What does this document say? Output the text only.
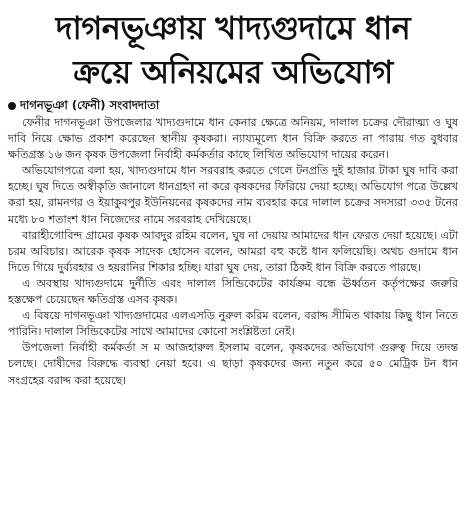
দাগনভূঞায় খাদ্যগুদামে ধান
ক্রয়ে অনিয়মের অভিযোগ
দাগনভূঞা (ফেনী) সংবাদদাতা

ফেনীর দাগনভূঞা উপজেলার খাদ্যগুদামে ধান কেনার ক্ষেত্রে অনিয়ম, দালাল চক্রের দৌরাত্ম্য ও ঘুষ দাবি নিয়ে ক্ষোভ প্রকাশ করেছেন স্থানীয় কৃষকরা। ন্যায্যমূল্যে ধান বিক্রি করতে না পারায় গত বুধবার ক্ষতিগ্রস্ত ১৬ জন কৃষক উপজেলা নির্বাহী কর্মকর্তার কাছে লিখিত অভিযোগ দায়ের করেন।

অভিযোগপত্রে বলা হয়, খাদ্যগুদামে ধান সরবরাহ করতে গেলে টনপ্রতি দুই হাজার টাকা ঘুষ দাবি করা হচ্ছে। ঘুষ দিতে অস্বীকৃতি জানালে ধানগ্রহণ না করে কৃষকদের ফিরিয়ে দেয়া হচ্ছে। অভিযোগ পত্রে উল্লেখ করা হয়, রামনগর ও ইয়াকুবপুর ইউনিয়নের কৃষকদের নাম ব্যবহার করে দালাল চক্রের সদস্যরা ৩৩৫ টনের মধ্যে ৮০ শতাংশ ধান নিজেদের নামে সরবরাহ দেখিয়েছে।

বারাহীগোবিন্দ গ্রামের কৃষক আবদুর রহিম বলেন, ঘুষ না দেয়ায় আমাদের ধান ফেরত দেয়া হয়েছে। এটা চরম অবিচার। আরেক কৃষক সাদেক হোসেন বলেন, আমরা বহু কষ্টে ধান ফলিয়েছি। অথচ গুদামে ধান দিতে গিয়ে দুর্ব্যবহার ও হয়রানির শিকার হচ্ছি। যারা ঘুষ দেয়, তারা ঠিকই ধান বিক্রি করতে পারছে।

এ অবস্থায় খাদ্যগুদামে দুর্নীতি এবং দালাল সিন্ডিকেটের কার্যক্রম বন্ধে ঊর্ধ্বতন কর্তৃপক্ষের জরুরি হস্তক্ষেপ চেয়েছেন ক্ষতিগ্রস্ত এসব কৃষক।

এ বিষয়ে দাগনভূঞা খাদ্যগুদামের এলএসডি নুরুল করিম বলেন, বরাদ্দ সীমিত থাকায় কিছু ধান নিতে পারিনি। দালাল সিন্ডিকেটের সাথে আমাদের কোনো সংশ্লিষ্টতা নেই।

উপজেলা নির্বাহী কর্মকর্তা স ম আজহারুল ইসলাম বলেন, কৃষকদের অভিযোগ গুরুত্ব দিয়ে তদন্ত চলছে। দোষীদের বিরুদ্ধে ব্যবস্থা নেয়া হবে। এ ছাড়া কৃষকদের জন্য নতুন করে ৫০ মেট্রিক টন ধান সংগ্রহের বরাদ্দ করা হয়েছে।
